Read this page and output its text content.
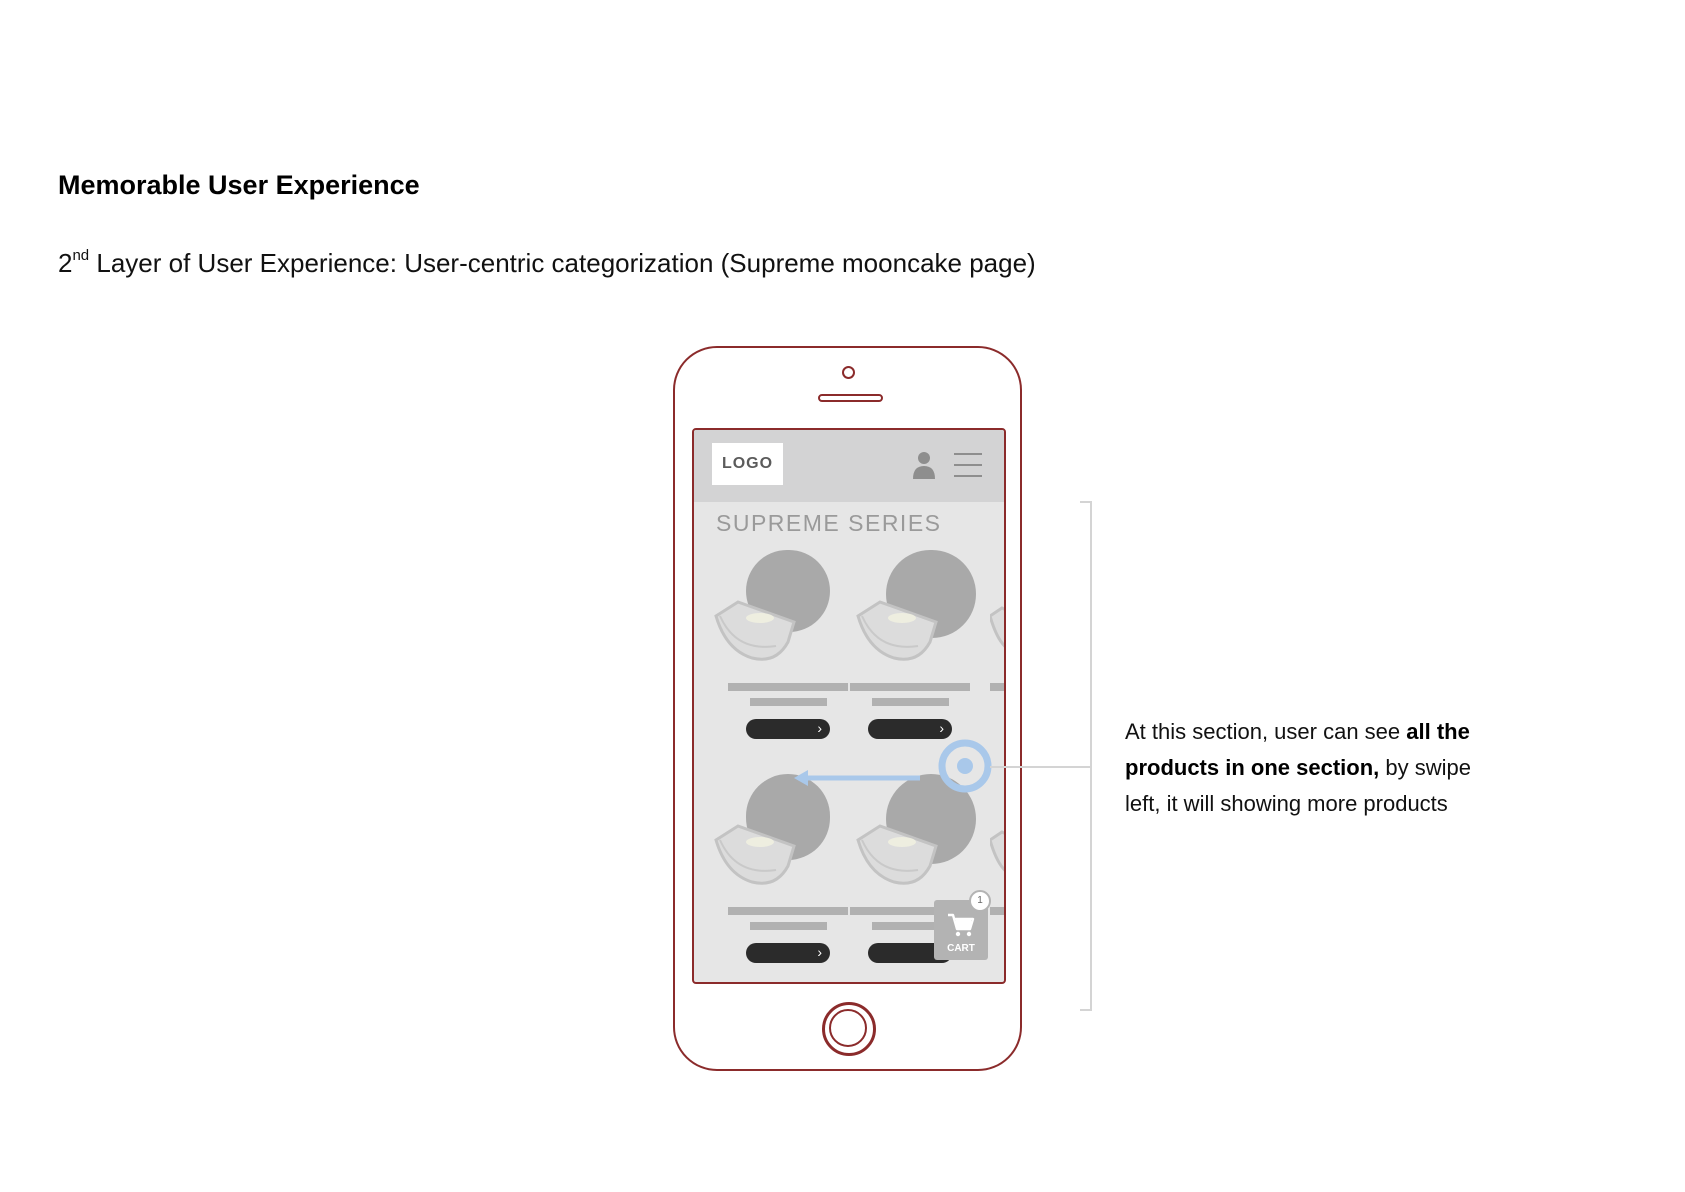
Memorable User Experience
2nd Layer of User Experience: User-centric categorization (Supreme mooncake page)
LOGO
SUPREME SERIES
›	›
›	CART
1
At this section, user can see all the products in one section, by swipe left, it will showing more products
